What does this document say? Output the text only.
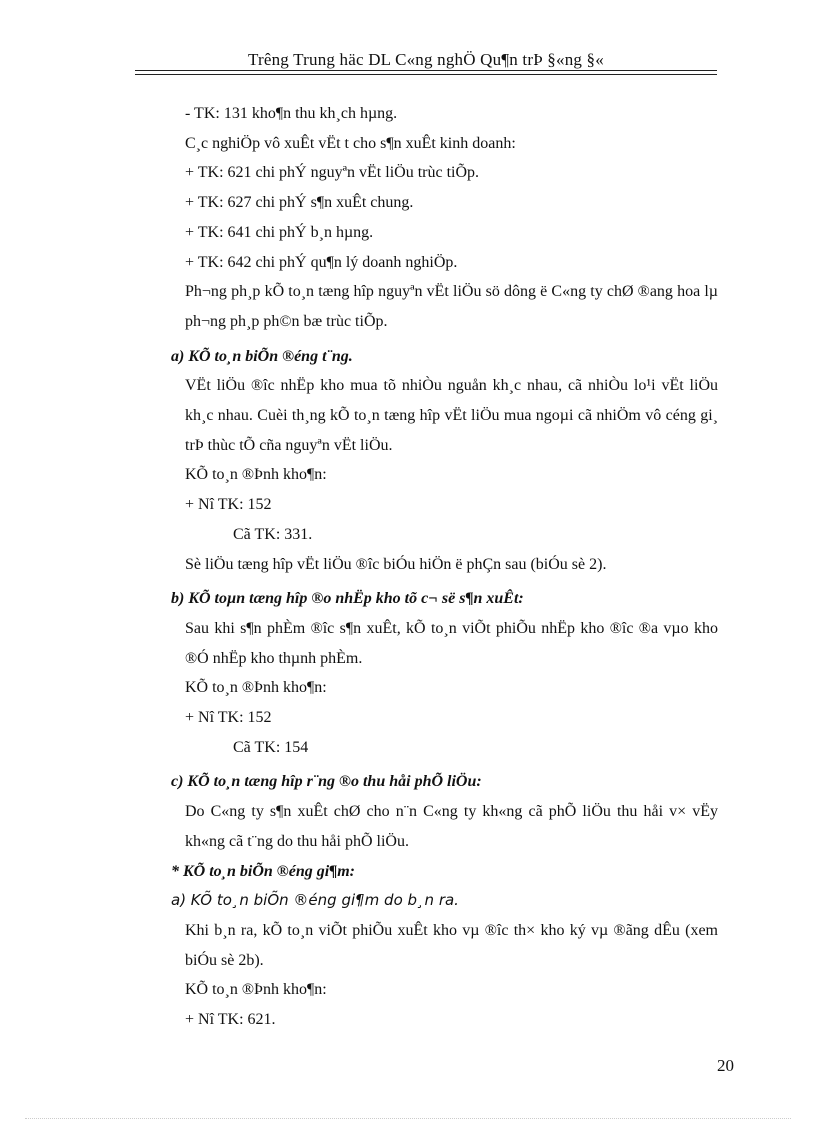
Trêng Trung häc DL C«ng nghÖ Qu¶n trÞ §«ng §«

- TK: 131 kho¶n thu kh¸ch hµng.

C¸c nghiÖp vô xuÊt vËt t cho s¶n xuÊt kinh doanh:

+ TK: 621 chi phÝ nguyªn vËt liÖu trùc tiÕp.

+ TK: 627 chi phÝ s¶n xuÊt chung.

+ TK: 641 chi phÝ b¸n hµng.

+ TK: 642 chi phÝ qu¶n lý doanh nghiÖp.

Ph¬ng ph¸p kÕ to¸n tæng hîp nguyªn vËt liÖu sö dông ë C«ng ty chØ ®ang hoa lµ ph¬ng ph¸p ph©n bæ trùc tiÕp.

a) KÕ to¸n biÕn ®éng t¨ng.

VËt liÖu ®îc nhËp kho mua tõ nhiÒu nguån kh¸c nhau, cã nhiÒu lo¹i vËt liÖu kh¸c nhau. Cuèi th¸ng kÕ to¸n tæng hîp vËt liÖu mua ngoµi cã nhiÖm vô céng gi¸ trÞ thùc tÕ cña nguyªn vËt liÖu.

KÕ to¸n ®Þnh kho¶n:

+ Nî TK: 152

Cã TK: 331.

Sè liÖu tæng hîp vËt liÖu ®îc biÓu hiÖn ë phÇn sau (biÓu sè 2).

b) KÕ toµn tæng hîp ®o nhËp kho tõ c¬ së s¶n xuÊt:

Sau khi s¶n phÈm ®îc s¶n xuÊt, kÕ to¸n viÕt phiÕu nhËp kho ®îc ®a vµo kho ®Ó nhËp kho thµnh phÈm.

KÕ to¸n ®Þnh kho¶n:

+ Nî TK: 152

Cã TK: 154

c) KÕ to¸n tæng hîp r¨ng ®o thu håi phÕ liÖu:

Do C«ng ty s¶n xuÊt chØ cho n¨n C«ng ty kh«ng cã phÕ liÖu thu håi v× vËy kh«ng cã t¨ng do thu håi phÕ liÖu.

* KÕ to¸n biÕn ®éng gi¶m:

a) KÕ to¸n biÕn ®éng gi¶m do b¸n ra.

Khi b¸n ra, kÕ to¸n viÕt phiÕu xuÊt kho vµ ®îc th× kho ký vµ ®ãng dÊu (xem biÓu sè 2b).

KÕ to¸n ®Þnh kho¶n:

+ Nî TK: 621.

20
